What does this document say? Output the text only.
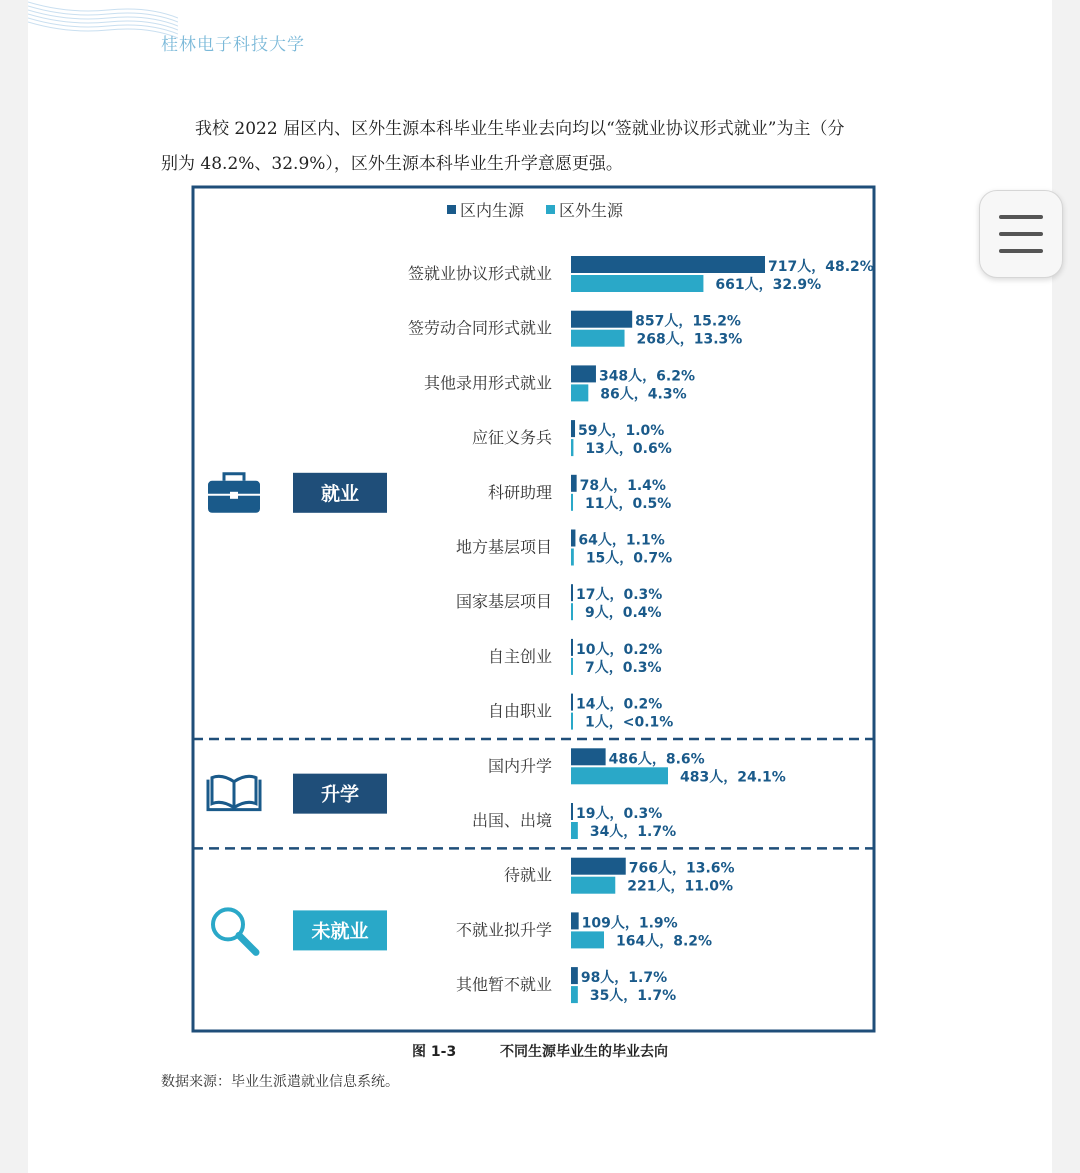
桂林电子科技大学
我校 2022 届区内、区外生源本科毕业生毕业去向均以“签就业协议形式就业”为主（分
别为 48.2%、32.9%），区外生源本科毕业生升学意愿更强。
区内生源 区外生源
签就业协议形式就业	717人，48.2%
661人，32.9%
签劳动合同形式就业	857人，15.2%
268人，13.3%
其他录用形式就业	348人，6.2%
86人，4.3%
应征义务兵 59人，1.0%
13人，0.6%
科研助理 78人，1.4%
11人，0.5%
地方基层项目 64人，1.1%
15人，0.7%
国家基层项目 17人，0.3%
9人，0.4%
自主创业 10人，0.2%
7人，0.3%
自由职业 14人，0.2%
1人，<0.1%
国内升学	486人，8.6%
483人，24.1%
出国、出境 19人，0.3%
34人，1.7%
待就业	766人，13.6%
221人，11.0%
不就业拟升学 109人，1.9%
164人，8.2%
其他暂不就业 98人，1.7%
35人，1.7%
就业
升学
未就业
图 1-3	不同生源毕业生的毕业去向
数据来源：毕业生派遣就业信息系统。
